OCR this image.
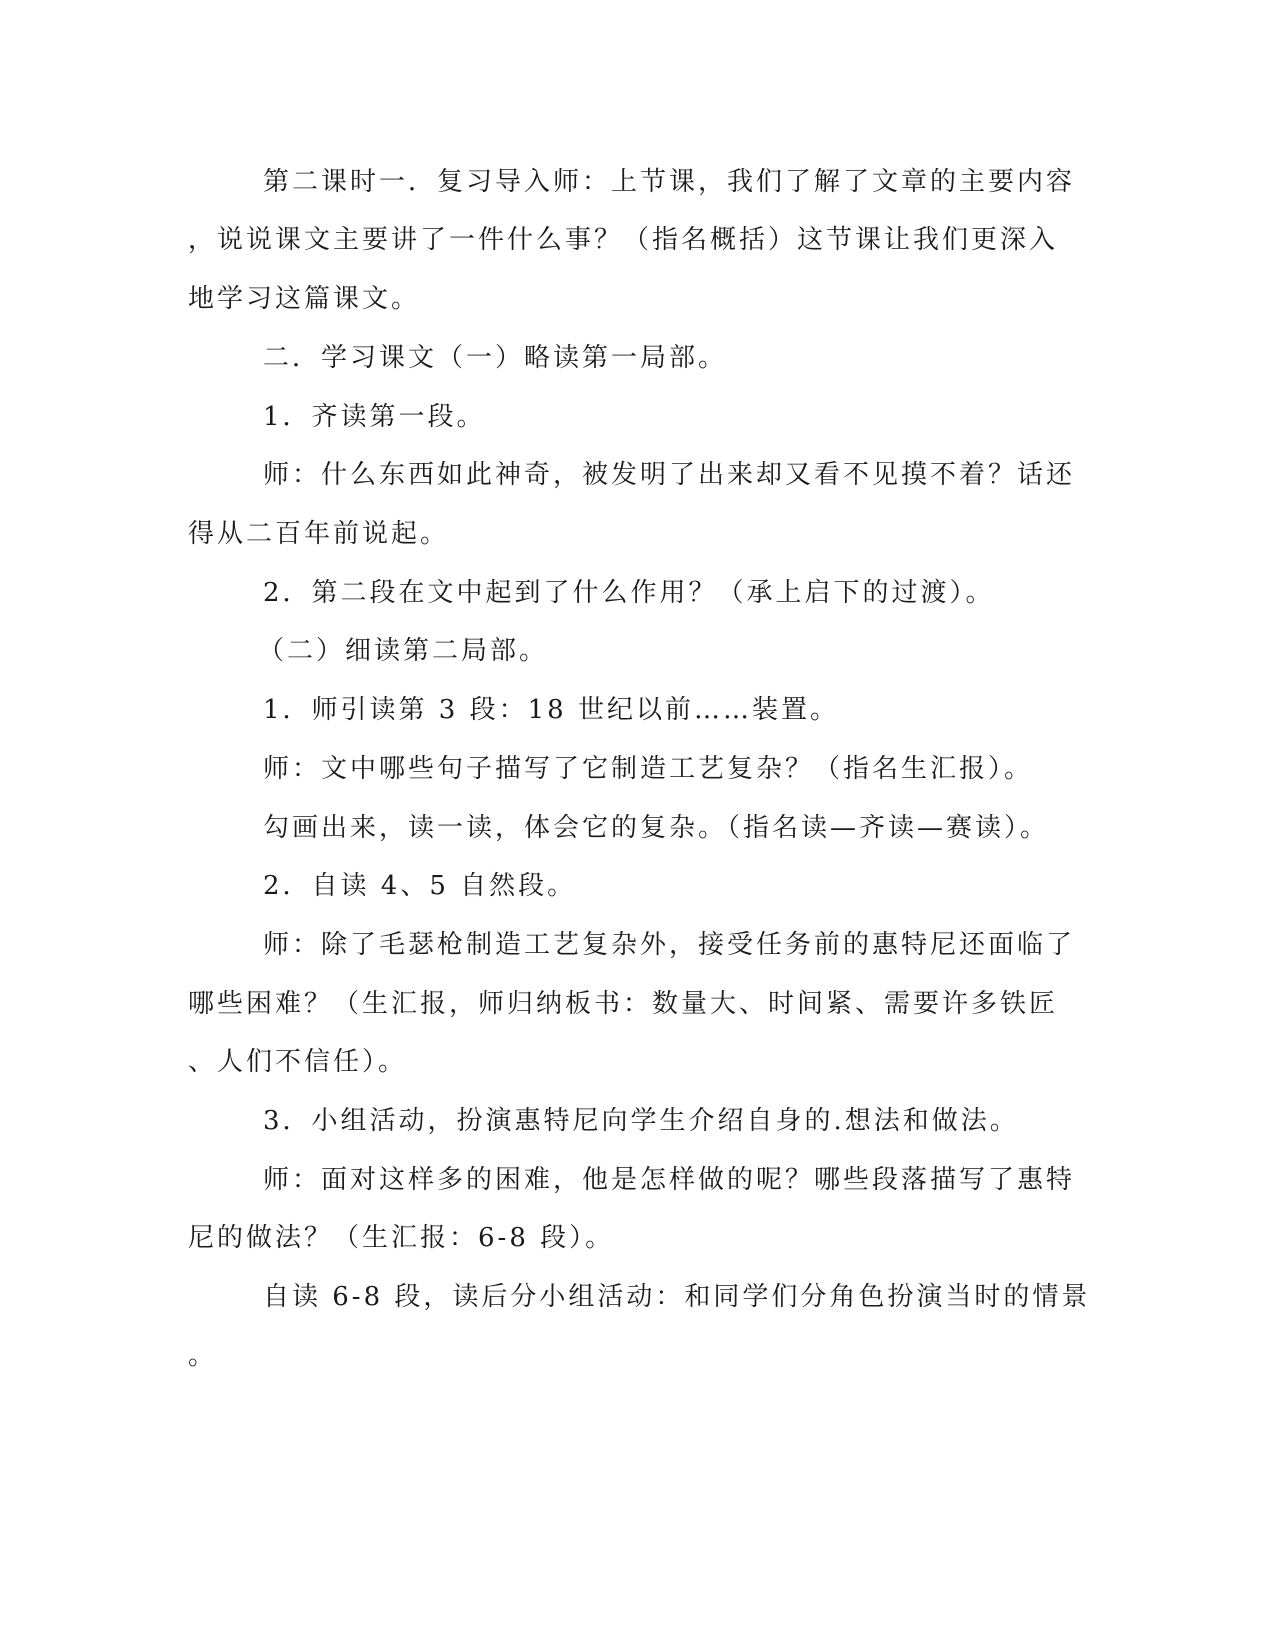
第二课时一．复习导入师：上节课，我们了解了文章的主要内容
，说说课文主要讲了一件什么事？（指名概括）这节课让我们更深入
地学习这篇课文。
二．学习课文（一）略读第一局部。
1．齐读第一段。
师：什么东西如此神奇，被发明了出来却又看不见摸不着？话还
得从二百年前说起。
2．第二段在文中起到了什么作用？（承上启下的过渡）。
（二）细读第二局部。
1．师引读第 3 段：18 世纪以前……装置。
师：文中哪些句子描写了它制造工艺复杂？（指名生汇报）。
勾画出来，读一读，体会它的复杂。（指名读—齐读—赛读）。
2．自读 4、5 自然段。
师：除了毛瑟枪制造工艺复杂外，接受任务前的惠特尼还面临了
哪些困难？（生汇报，师归纳板书：数量大、时间紧、需要许多铁匠
、人们不信任）。
3．小组活动，扮演惠特尼向学生介绍自身的.想法和做法。
师：面对这样多的困难，他是怎样做的呢？哪些段落描写了惠特
尼的做法？（生汇报：6-8 段）。
自读 6-8 段，读后分小组活动：和同学们分角色扮演当时的情景
。
